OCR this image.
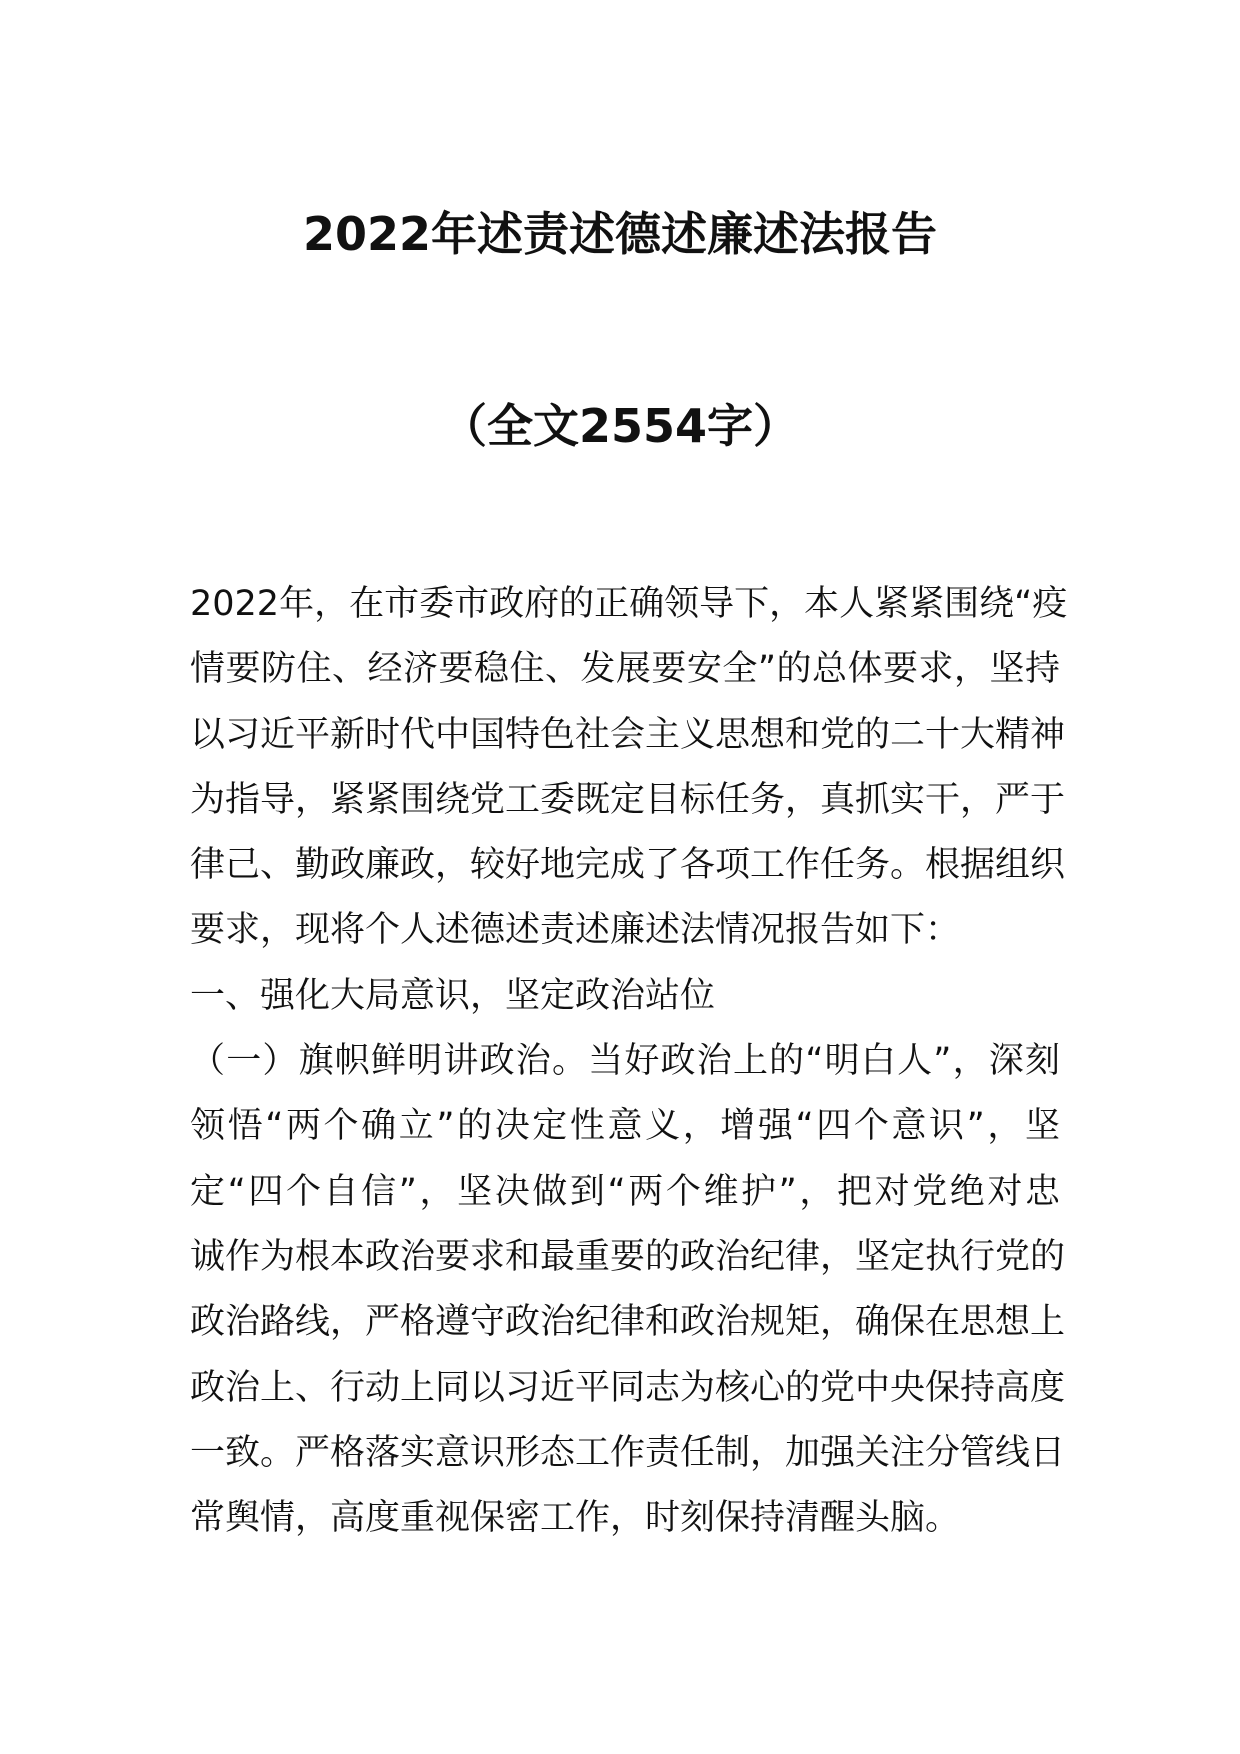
2022年述责述德述廉述法报告
（全文2554字）
2022年，在市委市政府的正确领导下，本人紧紧围绕“疫
情要防住、经济要稳住、发展要安全”的总体要求，坚持
以习近平新时代中国特色社会主义思想和党的二十大精神
为指导，紧紧围绕党工委既定目标任务，真抓实干，严于
律己、勤政廉政，较好地完成了各项工作任务。根据组织
要求，现将个人述德述责述廉述法情况报告如下：
一、强化大局意识，坚定政治站位
（一）旗帜鲜明讲政治。当好政治上的“明白人”，深刻
领悟“两个确立”的决定性意义，增强“四个意识”，坚
定“四个自信”，坚决做到“两个维护”，把对党绝对忠
诚作为根本政治要求和最重要的政治纪律，坚定执行党的
政治路线，严格遵守政治纪律和政治规矩，确保在思想上
政治上、行动上同以习近平同志为核心的党中央保持高度
一致。严格落实意识形态工作责任制，加强关注分管线日
常舆情，高度重视保密工作，时刻保持清醒头脑。
